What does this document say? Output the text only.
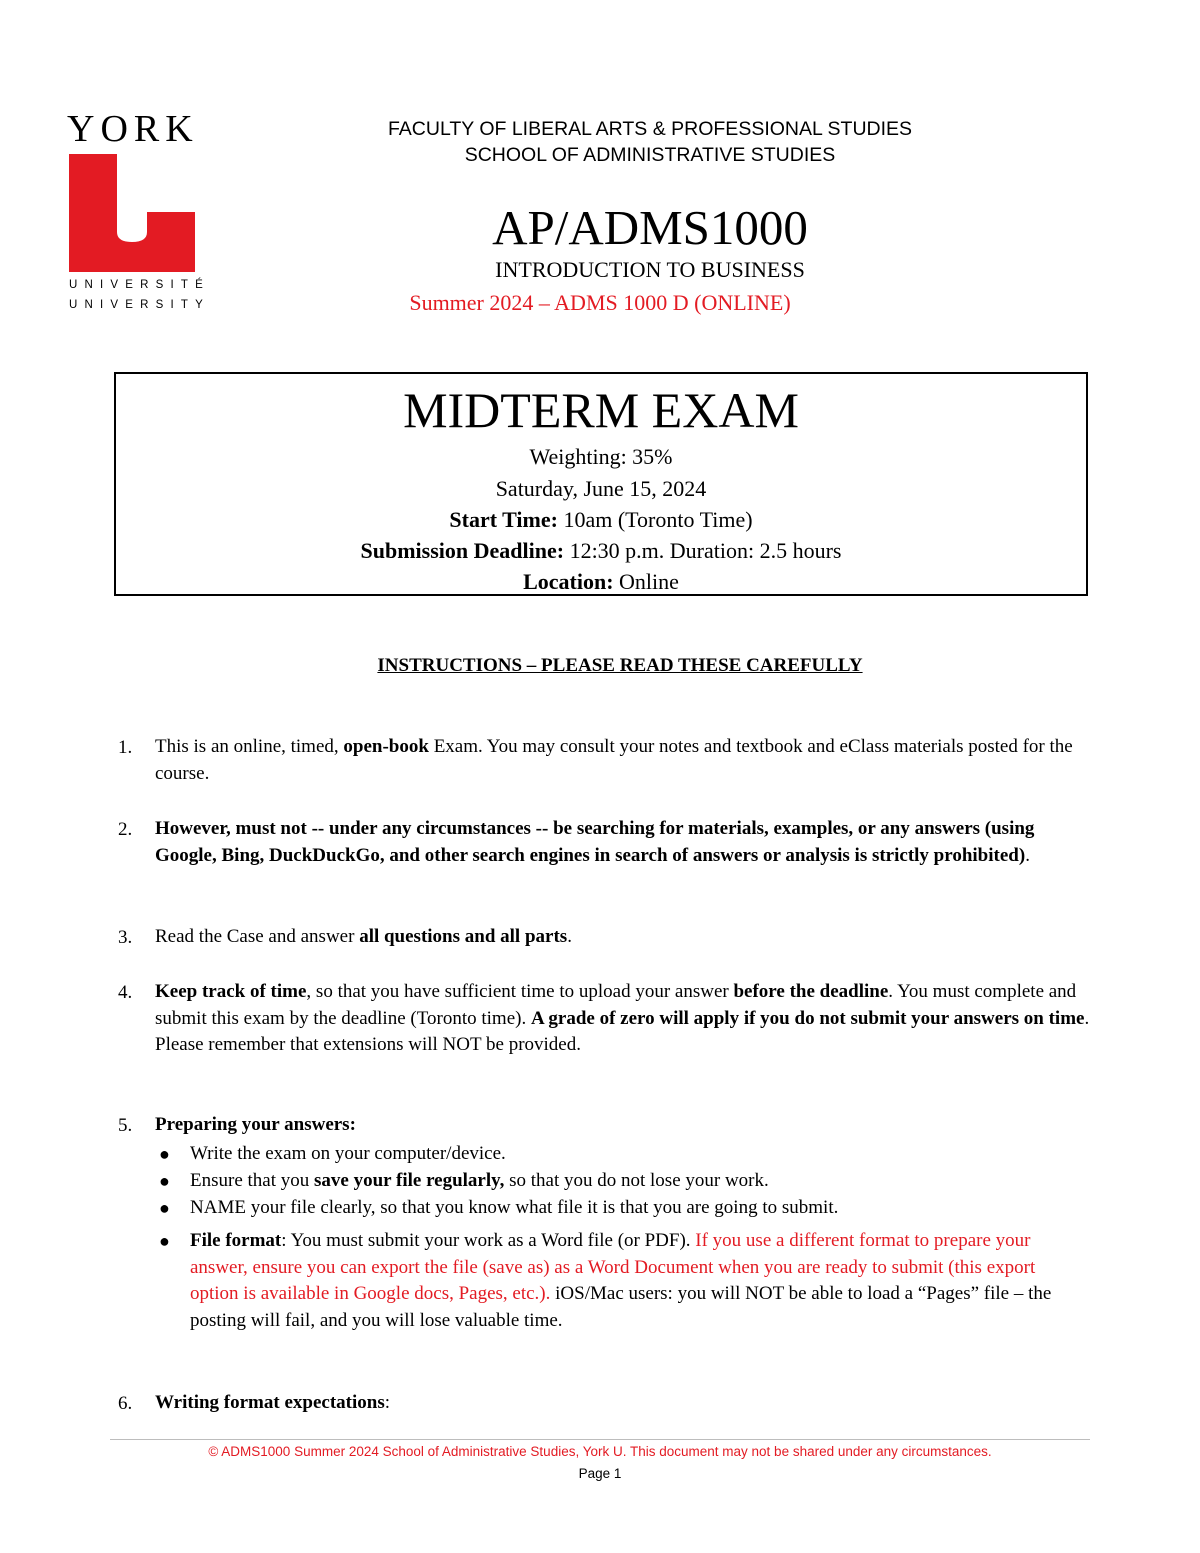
YORK
UNIVERSITÉ
UNIVERSITY
FACULTY OF LIBERAL ARTS & PROFESSIONAL STUDIES
SCHOOL OF ADMINISTRATIVE STUDIES
AP/ADMS1000
INTRODUCTION TO BUSINESS
Summer 2024 – ADMS 1000 D (ONLINE)
MIDTERM EXAM
Weighting: 35%
Saturday, June 15, 2024
Start Time: 10am (Toronto Time)
Submission Deadline: 12:30 p.m. Duration: 2.5 hours
Location: Online
INSTRUCTIONS – PLEASE READ THESE CAREFULLY
1.	This is an online, timed, open-book Exam. You may consult your notes and textbook and eClass materials posted for the course.
2.	However, must not -- under any circumstances -- be searching for materials, examples, or any answers (using Google, Bing, DuckDuckGo, and other search engines in search of answers or analysis is strictly prohibited).
3.	Read the Case and answer all questions and all parts.
4.	Keep track of time, so that you have sufficient time to upload your answer before the deadline. You must complete and submit this exam by the deadline (Toronto time). A grade of zero will apply if you do not submit your answers on time. Please remember that extensions will NOT be provided.
5.	Preparing your answers:
● Write the exam on your computer/device.
● Ensure that you save your file regularly, so that you do not lose your work.
● NAME your file clearly, so that you know what file it is that you are going to submit.
● File format: You must submit your work as a Word file (or PDF). If you use a different format to prepare your answer, ensure you can export the file (save as) as a Word Document when you are ready to submit (this export option is available in Google docs, Pages, etc.). iOS/Mac users: you will NOT be able to load a “Pages” file – the posting will fail, and you will lose valuable time.
6.	Writing format expectations:
© ADMS1000 Summer 2024 School of Administrative Studies, York U. This document may not be shared under any circumstances.
Page 1
